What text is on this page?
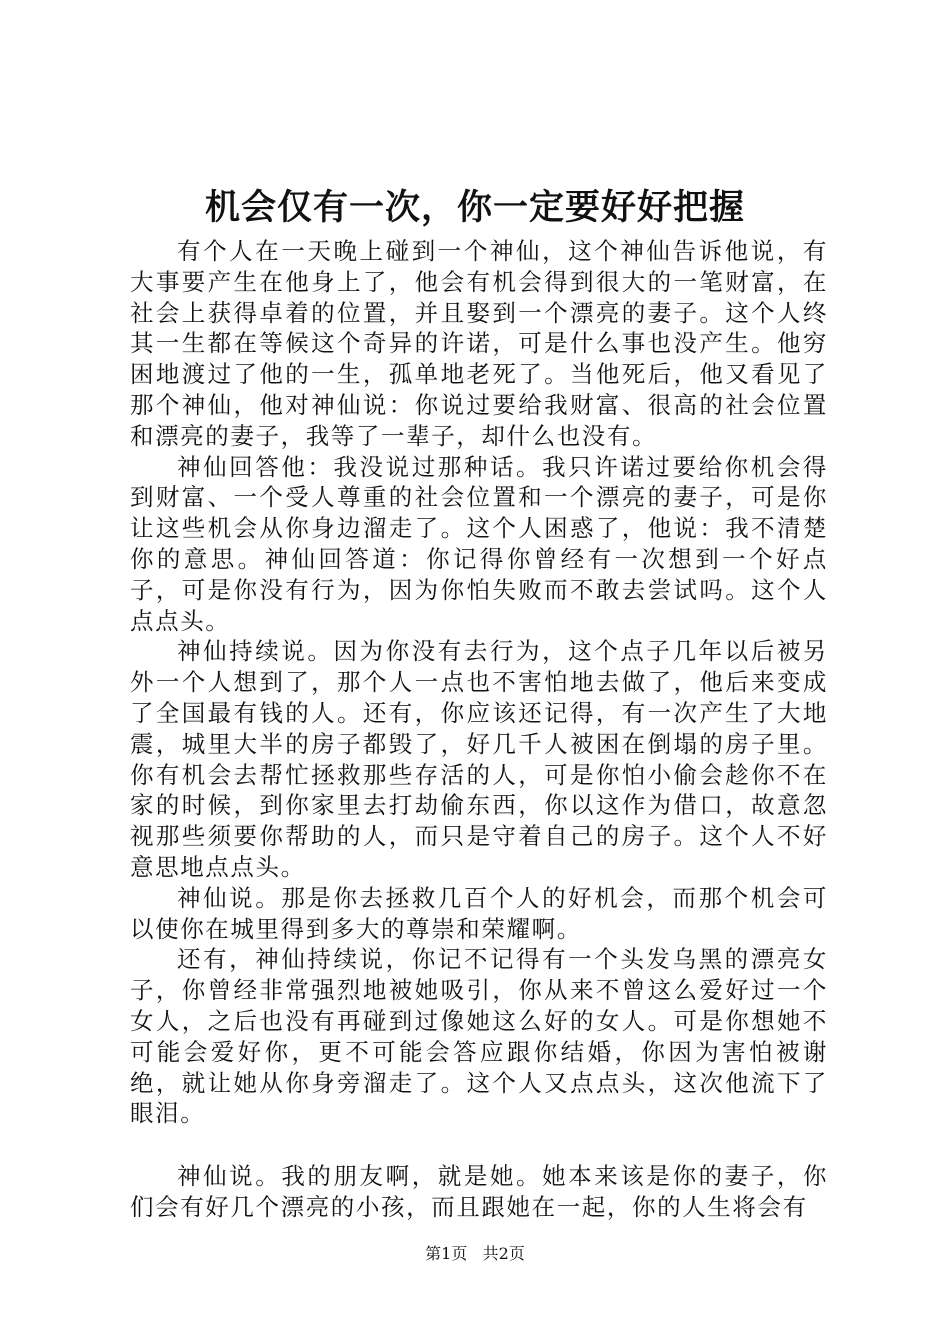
机会仅有一次，你一定要好好把握

有个人在一天晚上碰到一个神仙，这个神仙告诉他说，有大事要产生在他身上了，他会有机会得到很大的一笔财富，在社会上获得卓着的位置，并且娶到一个漂亮的妻子。这个人终其一生都在等候这个奇异的许诺，可是什么事也没产生。他穷困地渡过了他的一生，孤单地老死了。当他死后，他又看见了那个神仙，他对神仙说：你说过要给我财富、很高的社会位置和漂亮的妻子，我等了一辈子，却什么也没有。

神仙回答他：我没说过那种话。我只许诺过要给你机会得到财富、一个受人尊重的社会位置和一个漂亮的妻子，可是你让这些机会从你身边溜走了。这个人困惑了，他说：我不清楚你的意思。神仙回答道：你记得你曾经有一次想到一个好点子，可是你没有行为，因为你怕失败而不敢去尝试吗。这个人点点头。

神仙持续说。因为你没有去行为，这个点子几年以后被另外一个人想到了，那个人一点也不害怕地去做了，他后来变成了全国最有钱的人。还有，你应该还记得，有一次产生了大地震，城里大半的房子都毁了，好几千人被困在倒塌的房子里。你有机会去帮忙拯救那些存活的人，可是你怕小偷会趁你不在家的时候，到你家里去打劫偷东西，你以这作为借口，故意忽视那些须要你帮助的人，而只是守着自己的房子。这个人不好意思地点点头。

神仙说。那是你去拯救几百个人的好机会，而那个机会可以使你在城里得到多大的尊崇和荣耀啊。

还有，神仙持续说，你记不记得有一个头发乌黑的漂亮女子，你曾经非常强烈地被她吸引，你从来不曾这么爱好过一个女人，之后也没有再碰到过像她这么好的女人。可是你想她不可能会爱好你，更不可能会答应跟你结婚，你因为害怕被谢绝，就让她从你身旁溜走了。这个人又点点头，这次他流下了眼泪。

神仙说。我的朋友啊，就是她。她本来该是你的妻子，你们会有好几个漂亮的小孩，而且跟她在一起，你的人生将会有

第1页 共2页
